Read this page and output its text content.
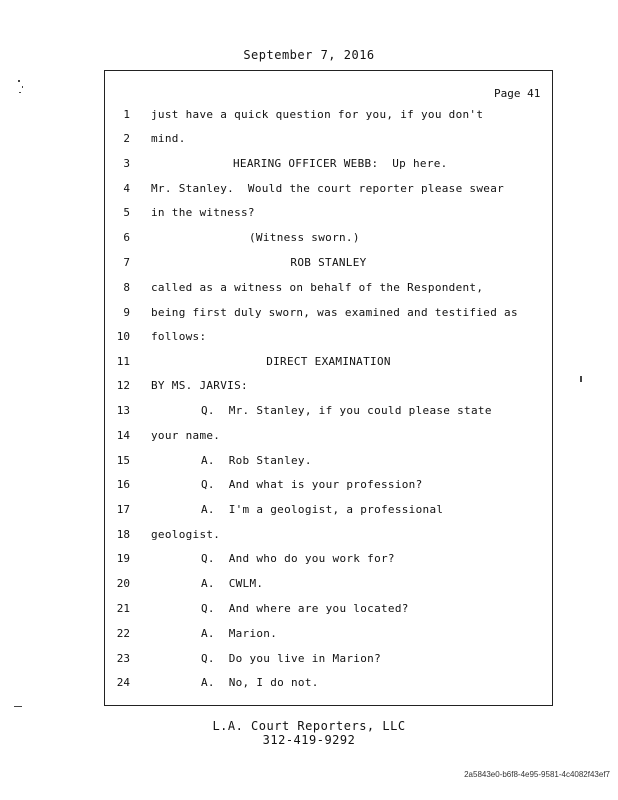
September 7, 2016
Page 41
1
2
3
4
5
6
7
8
9
10
11
12
13
14
15
16
17
18
19
20
21
22
23
24
just have a quick question for you, if you don't
mind.
HEARING OFFICER WEBB:  Up here.
Mr. Stanley.  Would the court reporter please swear
in the witness?
(Witness sworn.)
ROB STANLEY
called as a witness on behalf of the Respondent,
being first duly sworn, was examined and testified as
follows:
DIRECT EXAMINATION
BY MS. JARVIS:
Q.  Mr. Stanley, if you could please state
your name.
A.  Rob Stanley.
Q.  And what is your profession?
A.  I'm a geologist, a professional
geologist.
Q.  And who do you work for?
A.  CWLM.
Q.  And where are you located?
A.  Marion.
Q.  Do you live in Marion?
A.  No, I do not.
L.A. Court Reporters, LLC
312-419-9292
2a5843e0-b6f8-4e95-9581-4c4082f43ef7
